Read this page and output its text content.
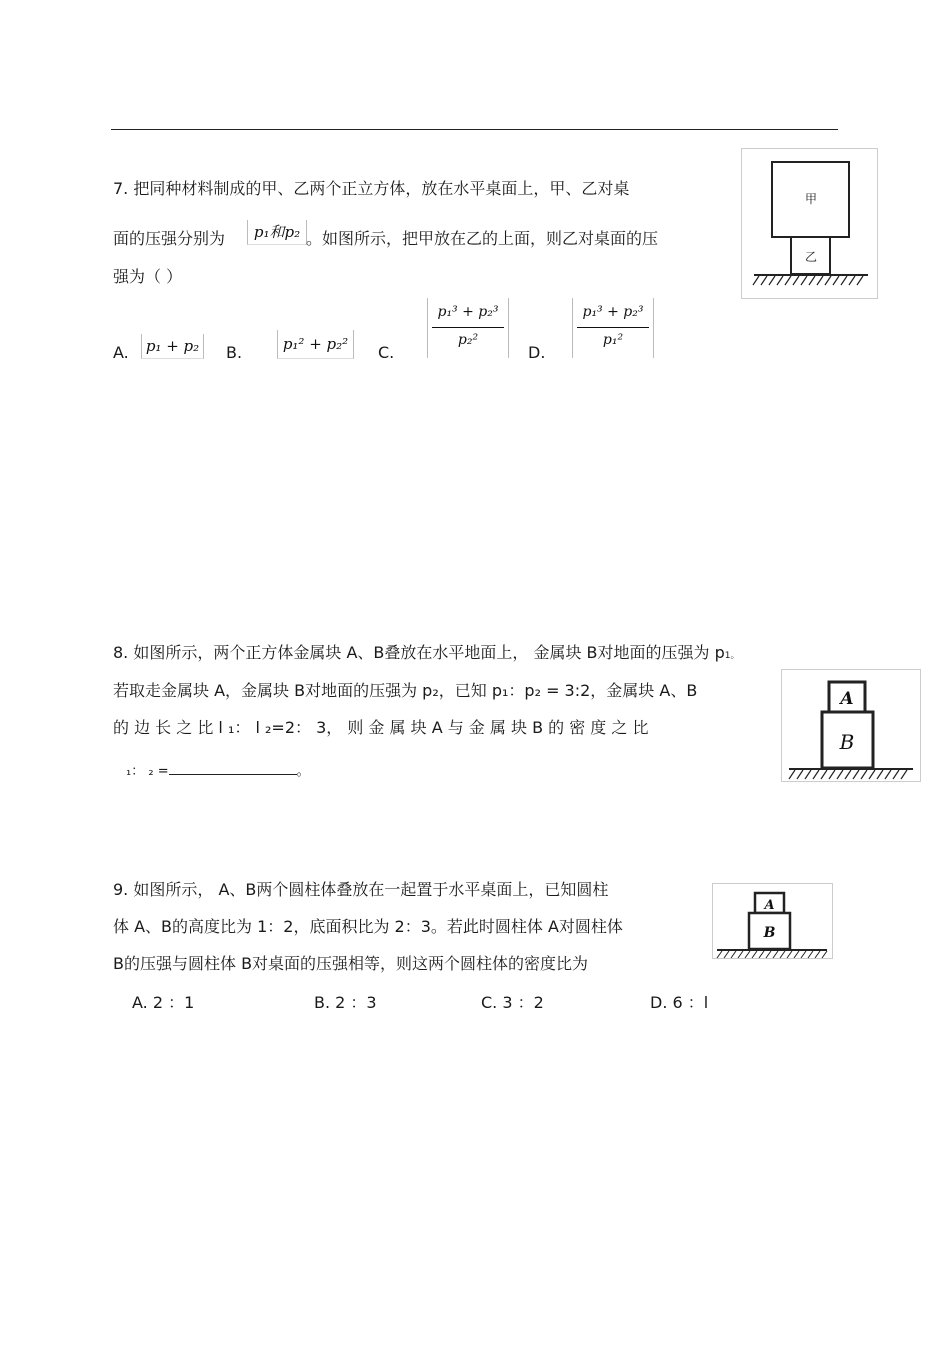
7. 把同种材料制成的甲、乙两个正立方体，放在水平桌面上，甲、乙对桌
面的压强分别为	p₁和p₂ 。如图所示，把甲放在乙的上面，则乙对桌面的压
强为（ ）
甲
乙
A.	p₁ + p₂	B.	p₁² + p₂²	C.
p₁³ + p₂³
p₂²
D.
p₁³ + p₂³
p₁²
8. 如图所示，两个正方体金属块 A、B叠放在水平地面上， 金属块 B对地面的压强为 p1。
若取走金属块 A，金属块 B对地面的压强为 p₂，已知 p₁：p₂ = 3:2，金属块 A、B
的 边 长 之 比 l ₁： l ₂=2： 3， 则 金 属 块 A 与 金 属 块 B 的 密 度 之 比
₁： ₂ =	。
A
B
9. 如图所示， A、B两个圆柱体叠放在一起置于水平桌面上，已知圆柱
体 A、B的高度比为 1：2，底面积比为 2：3。若此时圆柱体 A对圆柱体
B的压强与圆柱体 B对桌面的压强相等，则这两个圆柱体的密度比为
A. 2 ：1	B. 2 ：3	C. 3 ：2	D. 6 ：l
A
B
